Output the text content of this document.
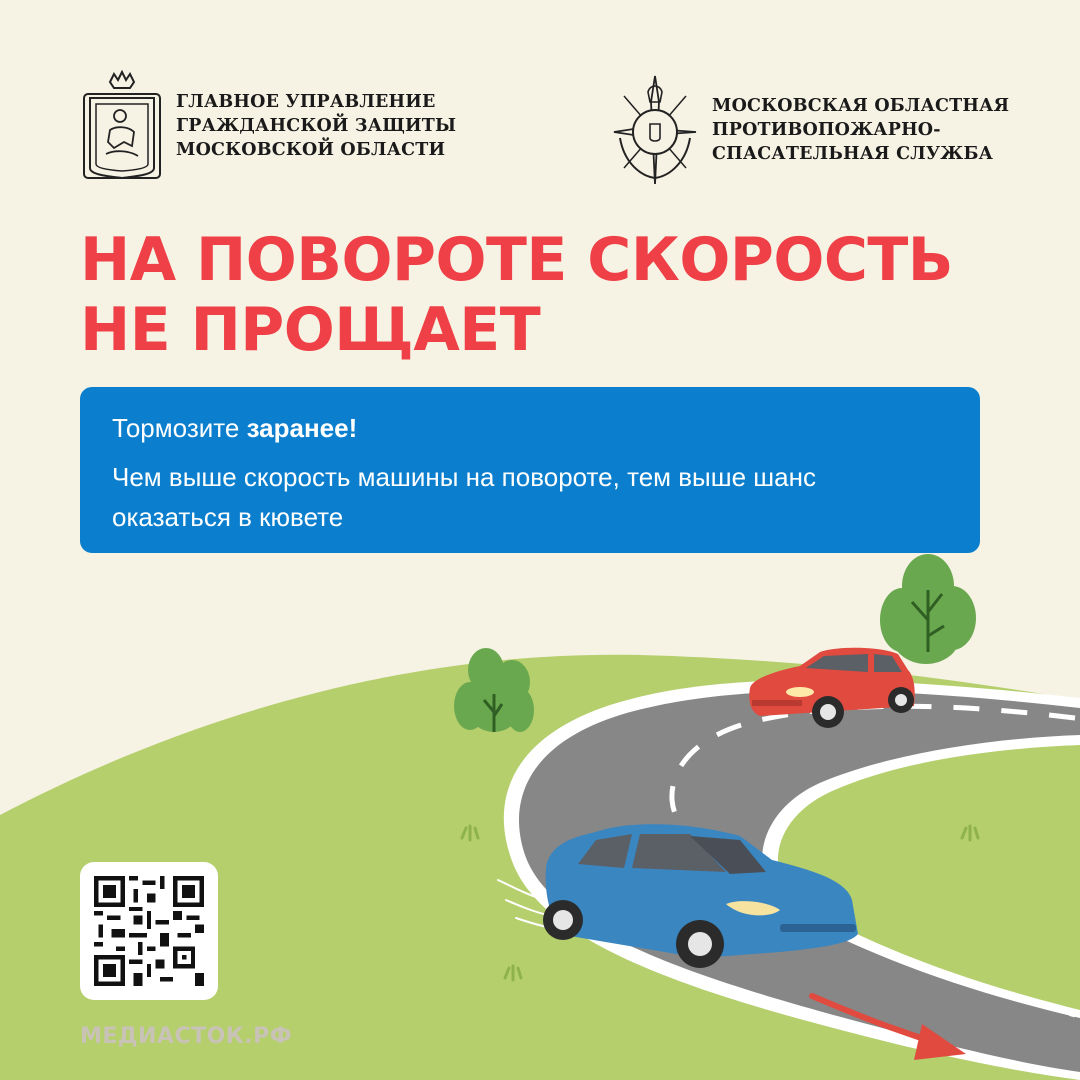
ГЛАВНОЕ УПРАВЛЕНИЕ
ГРАЖДАНСКОЙ ЗАЩИТЫ
МОСКОВСКОЙ ОБЛАСТИ
МОСКОВСКАЯ ОБЛАСТНАЯ
ПРОТИВОПОЖАРНО-
СПАСАТЕЛЬНАЯ СЛУЖБА
НА ПОВОРОТЕ СКОРОСТЬ
НЕ ПРОЩАЕТ
Тормозите заранее!
Чем выше скорость машины на повороте, тем выше шанс оказаться в кювете
МЕДИАСТОК.РФ
